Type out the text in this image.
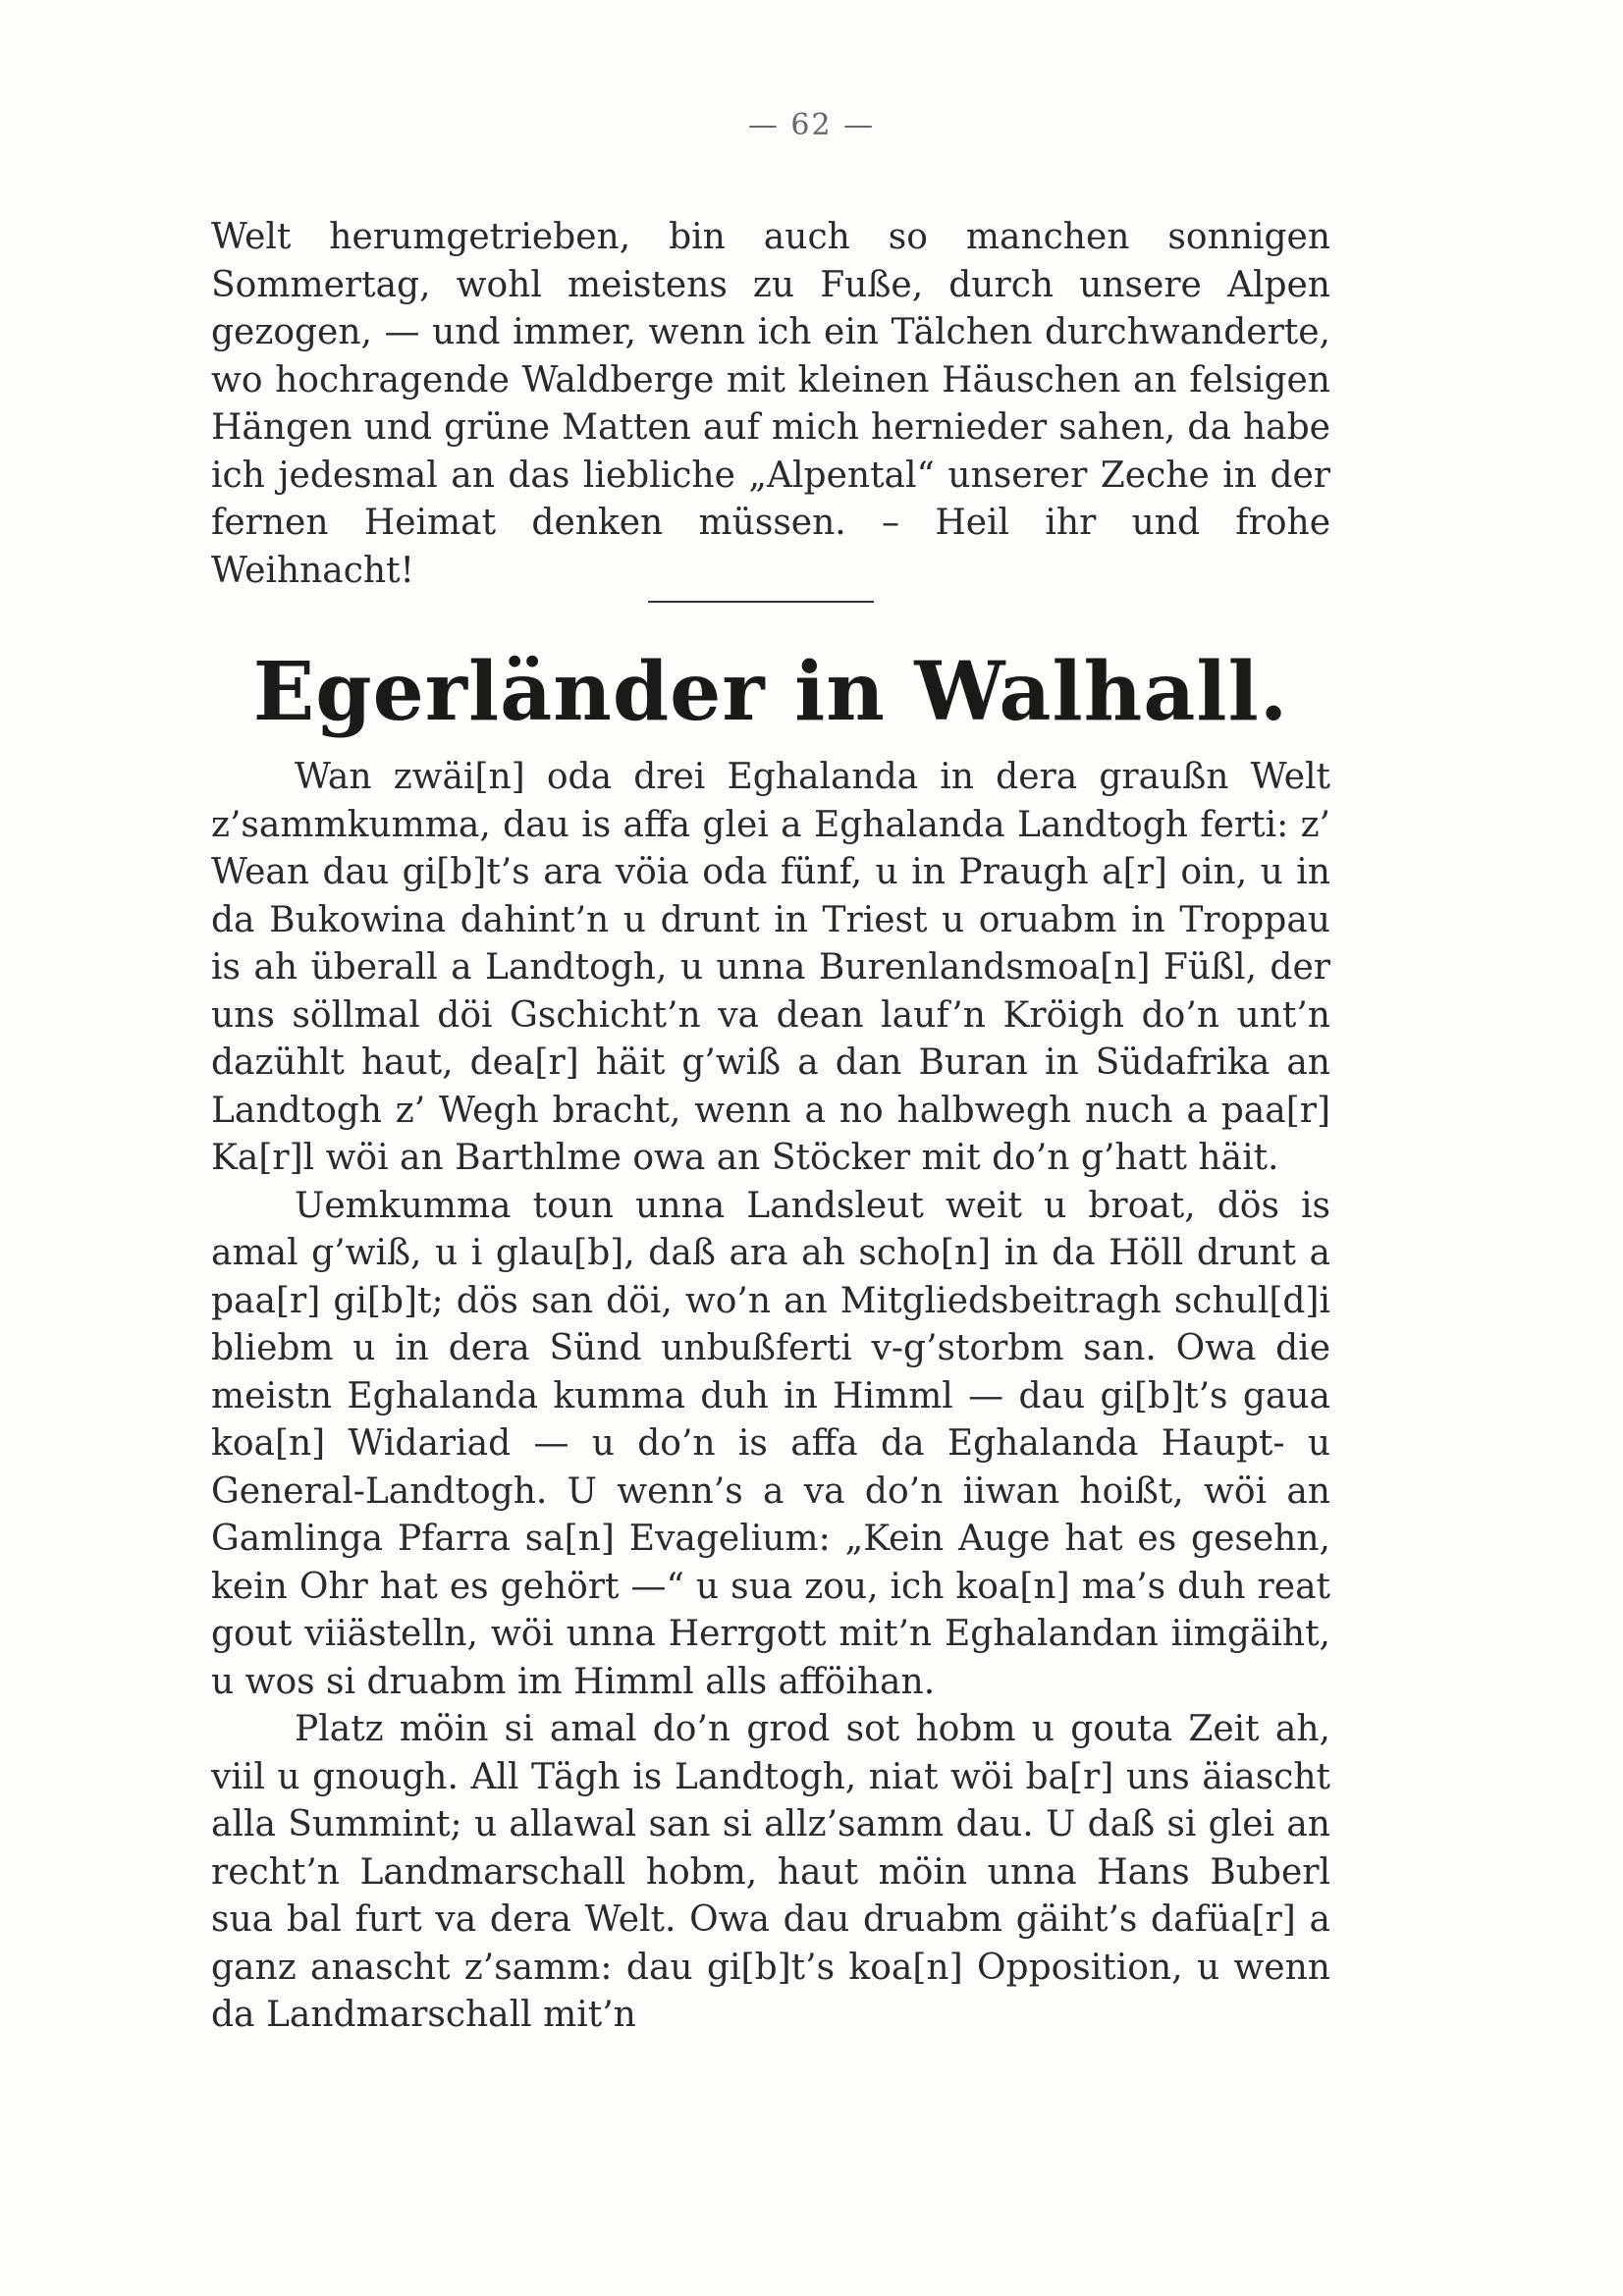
— 62 —

Welt herumgetrieben, bin auch so manchen sonnigen Sommertag, wohl meistens zu Fuße, durch unsere Alpen gezogen, — und immer, wenn ich ein Tälchen durchwanderte, wo hochragende Waldberge mit kleinen Häuschen an felsigen Hängen und grüne Matten auf mich hernieder sahen, da habe ich jedesmal an das liebliche „Alpental“ unserer Zeche in der fernen Heimat denken müssen. – Heil ihr und frohe Weihnacht!

Egerländer in Walhall.

Wan zwäi[n] oda drei Eghalanda in dera graußn Welt z’sammkumma, dau is affa glei a Eghalanda Landtogh ferti: z’ Wean dau gi[b]t’s ara vöia oda fünf, u in Praugh a[r] oin, u in da Bukowina dahint’n u drunt in Triest u oruabm in Troppau is ah überall a Landtogh, u unna Burenlandsmoa[n] Füßl, der uns söllmal döi Gschicht’n va dean lauf’n Kröigh do’n unt’n dazühlt haut, dea[r] häit g’wiß a dan Buran in Südafrika an Landtogh z’ Wegh bracht, wenn a no halbwegh nuch a paa[r] Ka[r]l wöi an Barthlme owa an Stöcker mit do’n g’hatt häit.

Uemkumma toun unna Landsleut weit u broat, dös is amal g’wiß, u i glau[b], daß ara ah scho[n] in da Höll drunt a paa[r] gi[b]t; dös san döi, wo’n an Mitgliedsbeitragh schul[d]i bliebm u in dera Sünd unbußferti v-g’storbm san. Owa die meistn Eghalanda kumma duh in Himml — dau gi[b]t’s gaua koa[n] Widariad — u do’n is affa da Eghalanda Haupt- u General-Landtogh. U wenn’s a va do’n iiwan hoißt, wöi an Gamlinga Pfarra sa[n] Evagelium: „Kein Auge hat es gesehn, kein Ohr hat es gehört —“ u sua zou, ich koa[n] ma’s duh reat gout viiästelln, wöi unna Herrgott mit’n Eghalandan iimgäiht, u wos si druabm im Himml alls afföihan.

Platz möin si amal do’n grod sot hobm u gouta Zeit ah, viil u gnough. All Tägh is Landtogh, niat wöi ba[r] uns äiascht alla Summint; u allawal san si allz’samm dau. U daß si glei an recht’n Landmarschall hobm, haut möin unna Hans Buberl sua bal furt va dera Welt. Owa dau druabm gäiht’s dafüa[r] a ganz anascht z’samm: dau gi[b]t’s koa[n] Opposition, u wenn da Landmarschall mit’n
